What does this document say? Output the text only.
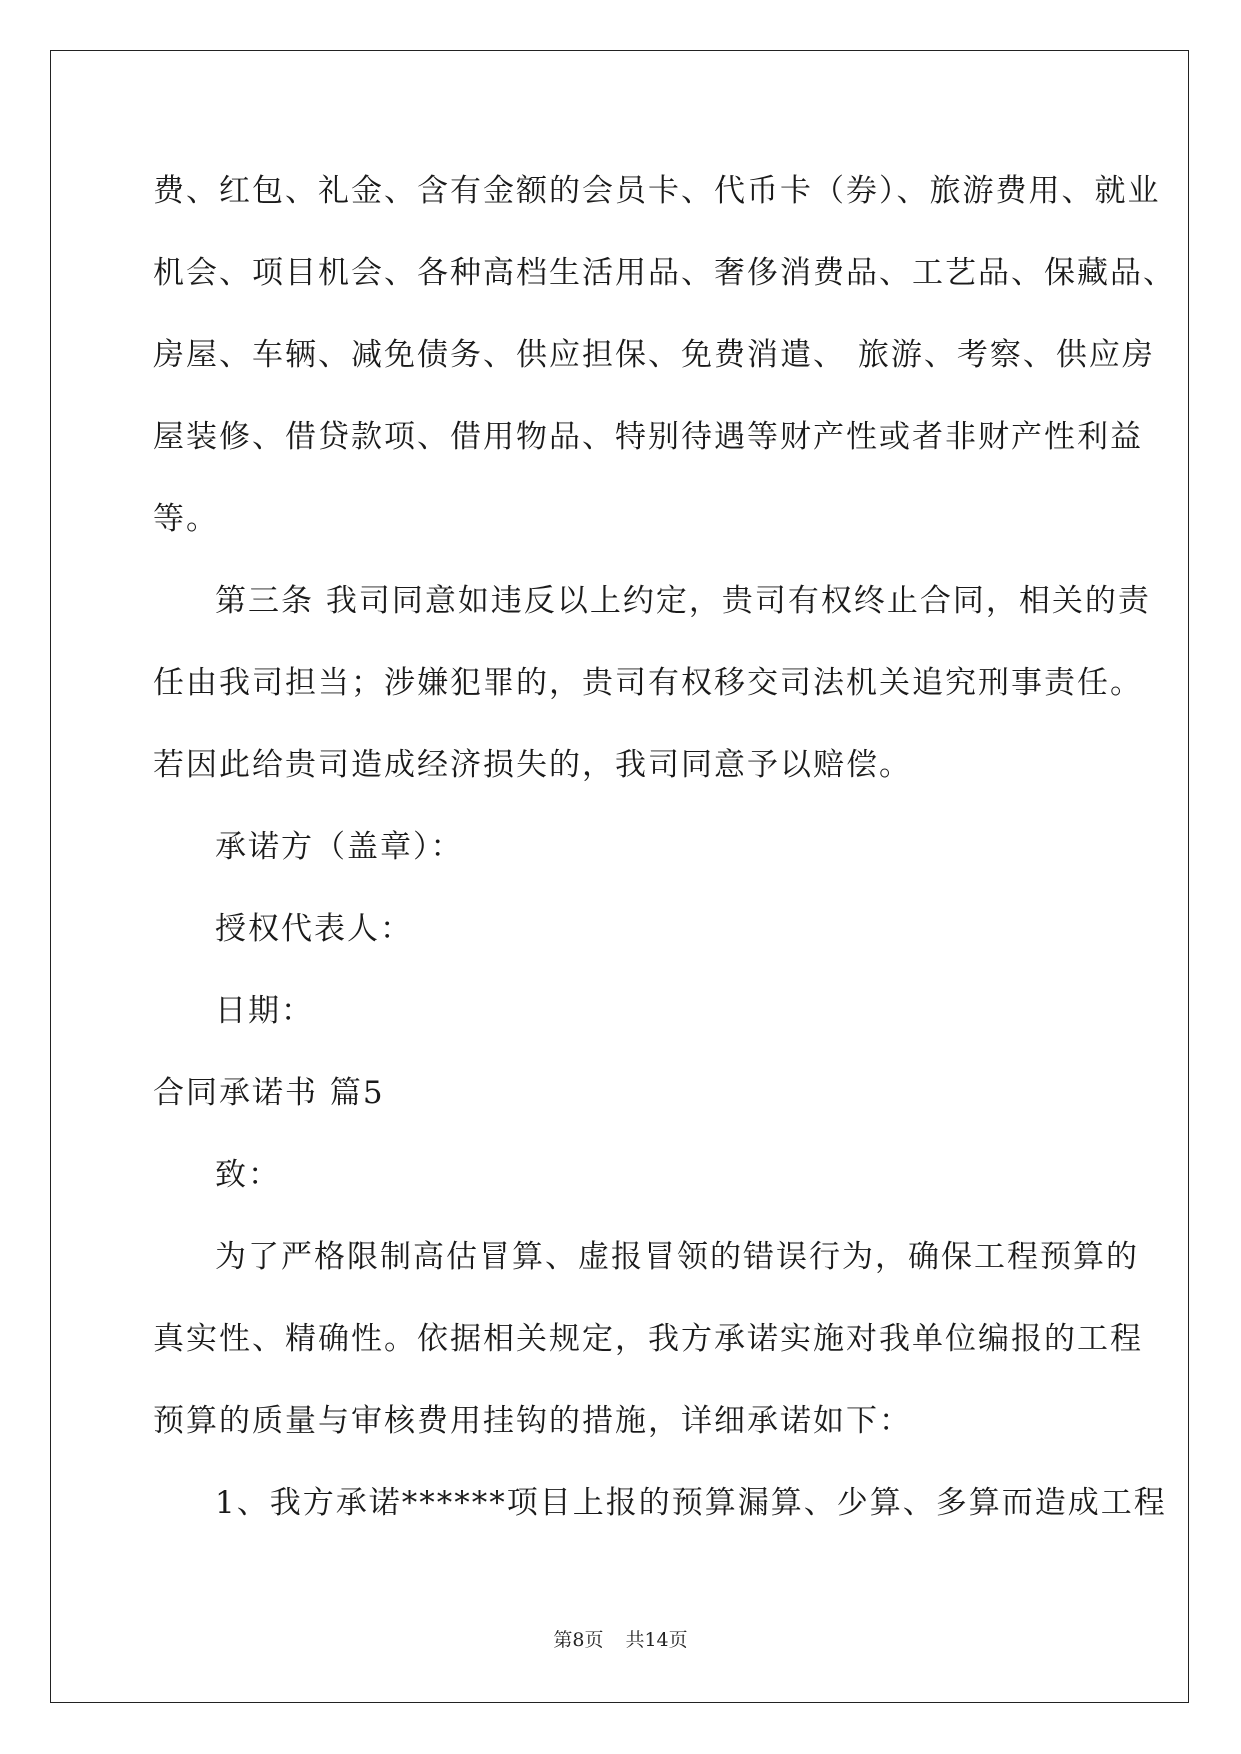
费、红包、礼金、含有金额的会员卡、代币卡（券）、旅游费用、就业
机会、项目机会、各种高档生活用品、奢侈消费品、工艺品、保藏品、
房屋、车辆、减免债务、供应担保、免费消遣、 旅游、考察、供应房
屋装修、借贷款项、借用物品、特别待遇等财产性或者非财产性利益
等。
第三条 我司同意如违反以上约定，贵司有权终止合同，相关的责
任由我司担当；涉嫌犯罪的，贵司有权移交司法机关追究刑事责任。
若因此给贵司造成经济损失的，我司同意予以赔偿。
承诺方（盖章）：
授权代表人：
日期：
合同承诺书 篇5
致：
为了严格限制高估冒算、虚报冒领的错误行为，确保工程预算的
真实性、精确性。依据相关规定，我方承诺实施对我单位编报的工程
预算的质量与审核费用挂钩的措施，详细承诺如下：
1、我方承诺******项目上报的预算漏算、少算、多算而造成工程
第8页 共14页
